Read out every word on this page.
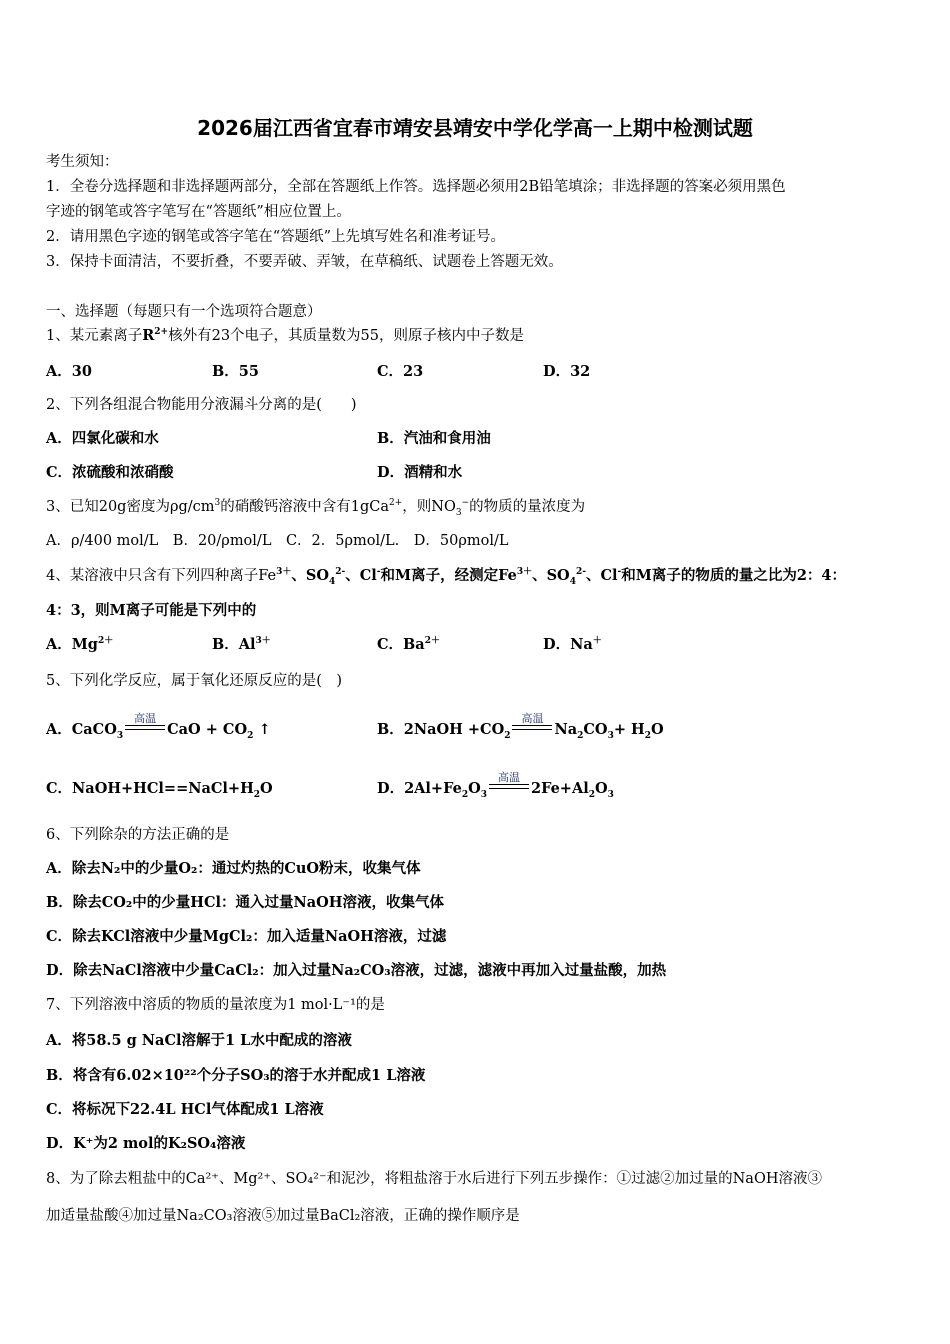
2026届江西省宜春市靖安县靖安中学化学高一上期中检测试题
考生须知：
1．全卷分选择题和非选择题两部分，全部在答题纸上作答。选择题必须用2B铅笔填涂；非选择题的答案必须用黑色
字迹的钢笔或答字笔写在“答题纸”相应位置上。
2．请用黑色字迹的钢笔或答字笔在“答题纸”上先填写姓名和准考证号。
3．保持卡面清洁，不要折叠，不要弄破、弄皱，在草稿纸、试题卷上答题无效。
一、选择题（每题只有一个选项符合题意）
1、某元素离子$R^{2+}$核外有23个电子，其质量数为55，则原子核内中子数是
A．30	B．55	C．23	D．32
2、下列各组混合物能用分液漏斗分离的是(　　)
A．四氯化碳和水	B．汽油和食用油
C．浓硫酸和浓硝酸	D．酒精和水
3、已知20g密度为$\rho g/cm^3$的硝酸钙溶液中含有1gCa$^{2+}$，则$NO_3^-$的物质的量浓度为
A．ρ/400 mol/L　B．20/ρmol/L　C．2．5ρmol/L.　D．50ρmol/L
4、某溶液中只含有下列四种离子$Fe^{3+}$、$SO_4^{2-}$、Cl-和M离子，经测定$Fe^{3+}$、$SO_4^{2-}$、Cl-和M离子的物质的量之比为2：4：
4：3，则M离子可能是下列中的
A．$Mg^{2+}$	B．$Al^{3+}$	C．$Ba^{2+}$	D．Na＋
5、下列化学反应，属于氧化还原反应的是(　)
A．CaCO$_3$
高温
CaO + $CO_2$ ↑	B．2NaOH $+CO_2$
高温
$Na_2CO_3+ H_2O$
C．$NaOH+HCl==NaCl+H_2O$	D．$2Al+Fe_2O_3$
高温
$2Fe+Al_2O_3$
6、下列除杂的方法正确的是
A．除去N₂中的少量O₂：通过灼热的CuO粉末，收集气体
B．除去CO₂中的少量HCl：通入过量NaOH溶液，收集气体
C．除去KCl溶液中少量MgCl₂：加入适量NaOH溶液，过滤
D．除去NaCl溶液中少量CaCl₂：加入过量Na₂CO₃溶液，过滤，滤液中再加入过量盐酸，加热
7、下列溶液中溶质的物质的量浓度为1 mol·L⁻¹的是
A．将58.5 g NaCl溶解于1 L水中配成的溶液
B．将含有6.02×10²²个分子SO₃的溶于水并配成1 L溶液
C．将标况下22.4L HCl气体配成1 L溶液
D．K⁺为2 mol的K₂SO₄溶液
8、为了除去粗盐中的Ca²⁺、Mg²⁺、SO₄²⁻和泥沙，将粗盐溶于水后进行下列五步操作：①过滤②加过量的NaOH溶液③
加适量盐酸④加过量Na₂CO₃溶液⑤加过量BaCl₂溶液，正确的操作顺序是
